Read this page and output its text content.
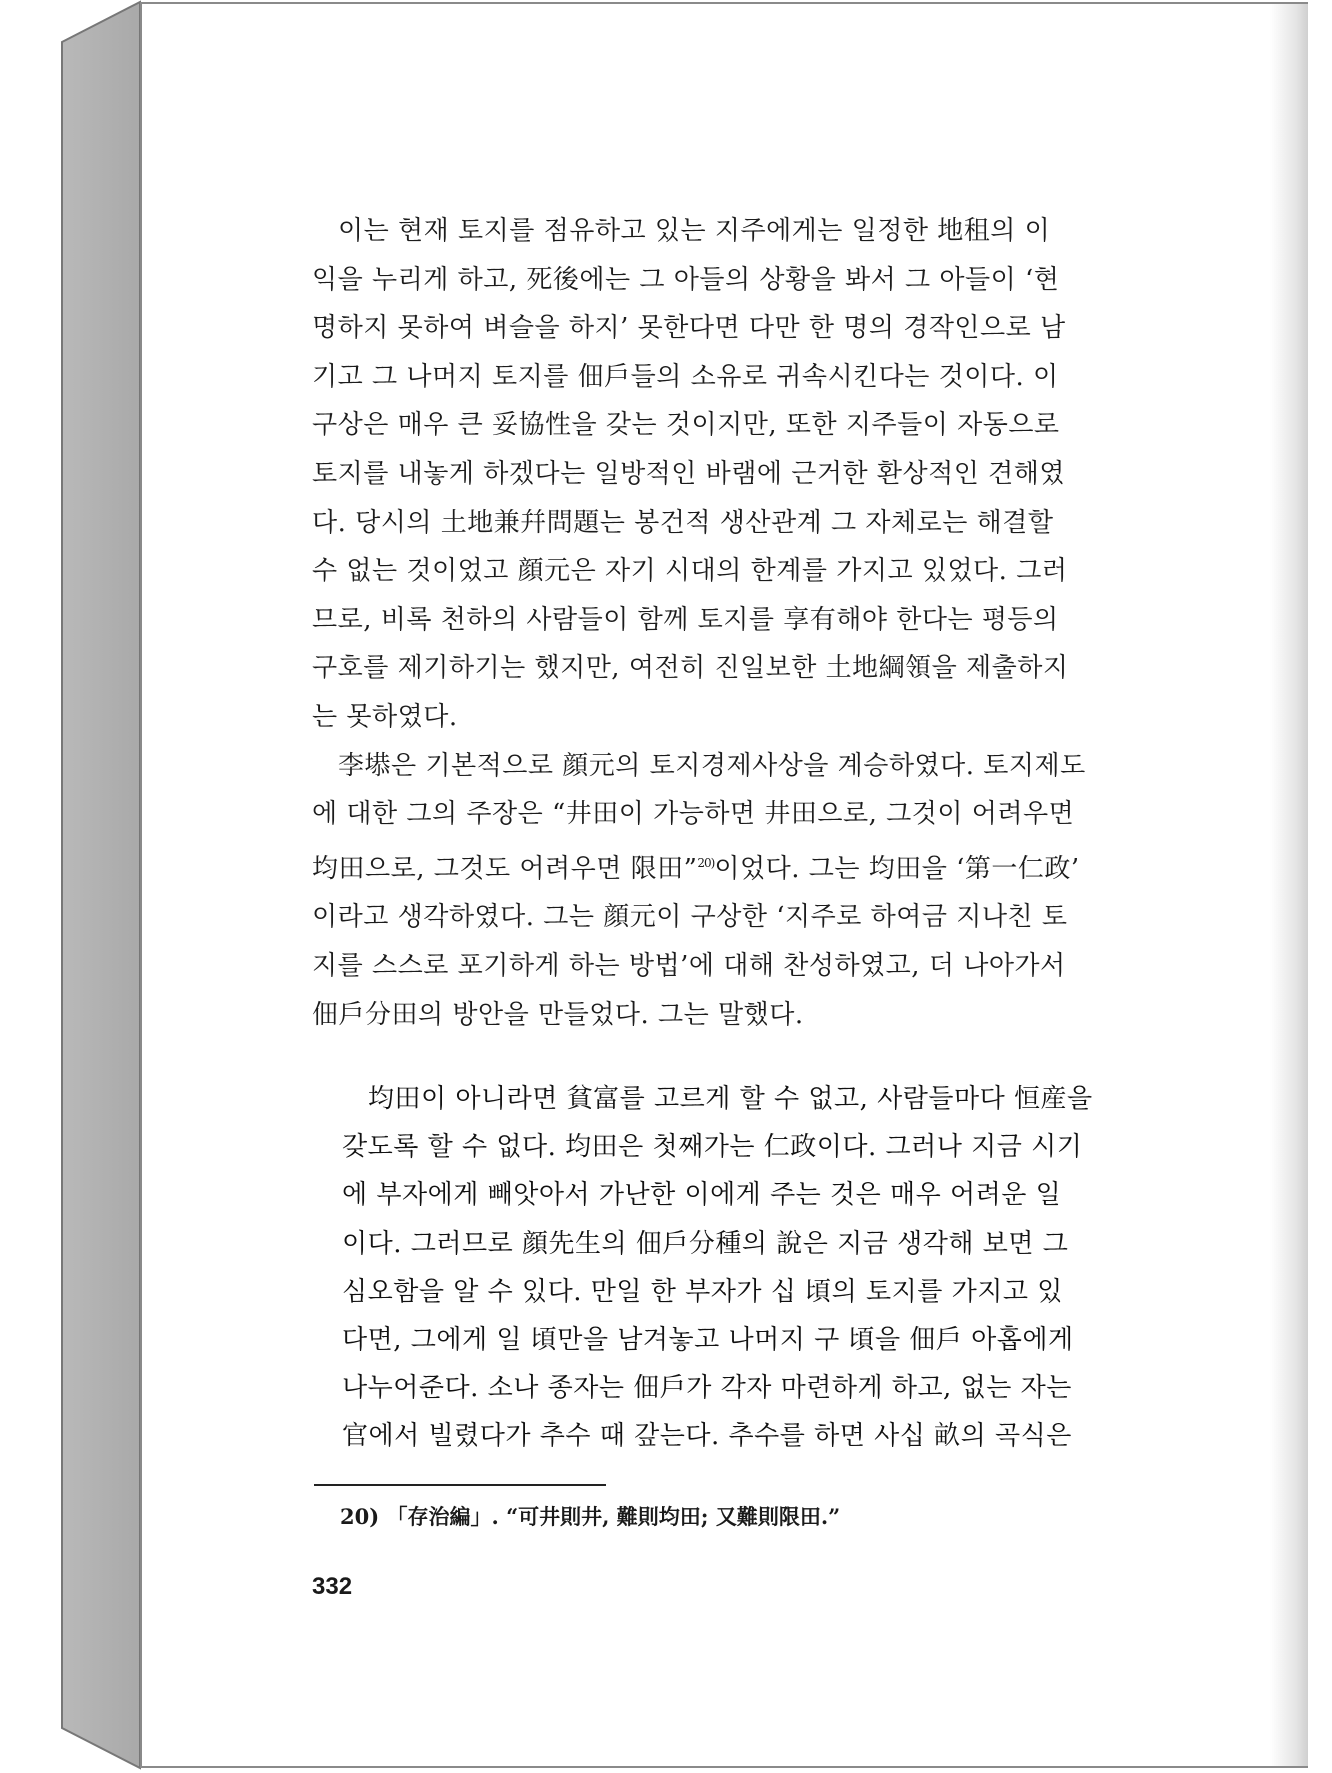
이는 현재 토지를 점유하고 있는 지주에게는 일정한 地租의 이

익을 누리게 하고, 死後에는 그 아들의 상황을 봐서 그 아들이 ‘현

명하지 못하여 벼슬을 하지’ 못한다면 다만 한 명의 경작인으로 남

기고 그 나머지 토지를 佃戶들의 소유로 귀속시킨다는 것이다. 이

구상은 매우 큰 妥協性을 갖는 것이지만, 또한 지주들이 자동으로

토지를 내놓게 하겠다는 일방적인 바램에 근거한 환상적인 견해였

다. 당시의 土地兼幷問題는 봉건적 생산관계 그 자체로는 해결할

수 없는 것이었고 顔元은 자기 시대의 한계를 가지고 있었다. 그러

므로, 비록 천하의 사람들이 함께 토지를 享有해야 한다는 평등의

구호를 제기하기는 했지만, 여전히 진일보한 土地綱領을 제출하지

는 못하였다.

李塨은 기본적으로 顔元의 토지경제사상을 계승하였다. 토지제도

에 대한 그의 주장은 “井田이 가능하면 井田으로, 그것이 어려우면

均田으로, 그것도 어려우면 限田”$^{20)}$이었다. 그는 均田을 ‘第一仁政’

이라고 생각하였다. 그는 顔元이 구상한 ‘지주로 하여금 지나친 토

지를 스스로 포기하게 하는 방법’에 대해 찬성하였고, 더 나아가서

佃戶分田의 방안을 만들었다. 그는 말했다.

均田이 아니라면 貧富를 고르게 할 수 없고, 사람들마다 恒産을

갖도록 할 수 없다. 均田은 첫째가는 仁政이다. 그러나 지금 시기

에 부자에게 빼앗아서 가난한 이에게 주는 것은 매우 어려운 일

이다. 그러므로 顔先生의 佃戶分種의 說은 지금 생각해 보면 그

심오함을 알 수 있다. 만일 한 부자가 십 頃의 토지를 가지고 있

다면, 그에게 일 頃만을 남겨놓고 나머지 구 頃을 佃戶 아홉에게

나누어준다. 소나 종자는 佃戶가 각자 마련하게 하고, 없는 자는

官에서 빌렸다가 추수 때 갚는다. 추수를 하면 사십 畝의 곡식은

20) 「存治編」. “可井則井, 難則均田; 又難則限田.”
332
